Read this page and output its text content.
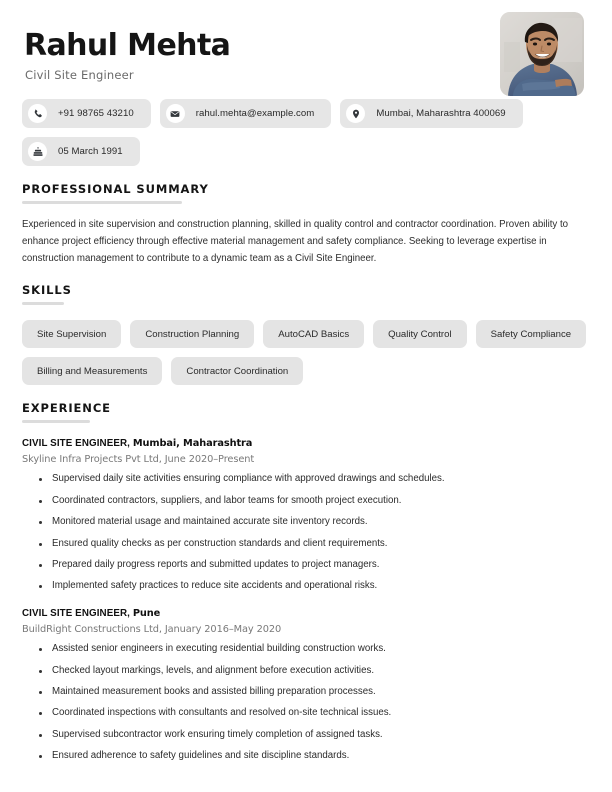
Rahul Mehta
Civil Site Engineer
+91 98765 43210	rahul.mehta@example.com	Mumbai, Maharashtra 400069
05 March 1991
PROFESSIONAL SUMMARY

Experienced in site supervision and construction planning, skilled in quality control and contractor coordination. Proven ability to enhance project efficiency through effective material management and safety compliance. Seeking to leverage expertise in construction management to contribute to a dynamic team as a Civil Site Engineer.

SKILLS
Site Supervision	Construction Planning	AutoCAD Basics	Quality Control	Safety Compliance
Billing and Measurements	Contractor Coordination
EXPERIENCE
CIVIL SITE ENGINEER, Mumbai, Maharashtra
Skyline Infra Projects Pvt Ltd, June 2020–Present
Supervised daily site activities ensuring compliance with approved drawings and schedules.
Coordinated contractors, suppliers, and labor teams for smooth project execution.
Monitored material usage and maintained accurate site inventory records.
Ensured quality checks as per construction standards and client requirements.
Prepared daily progress reports and submitted updates to project managers.
Implemented safety practices to reduce site accidents and operational risks.
CIVIL SITE ENGINEER, Pune
BuildRight Constructions Ltd, January 2016–May 2020
Assisted senior engineers in executing residential building construction works.
Checked layout markings, levels, and alignment before execution activities.
Maintained measurement books and assisted billing preparation processes.
Coordinated inspections with consultants and resolved on-site technical issues.
Supervised subcontractor work ensuring timely completion of assigned tasks.
Ensured adherence to safety guidelines and site discipline standards.
